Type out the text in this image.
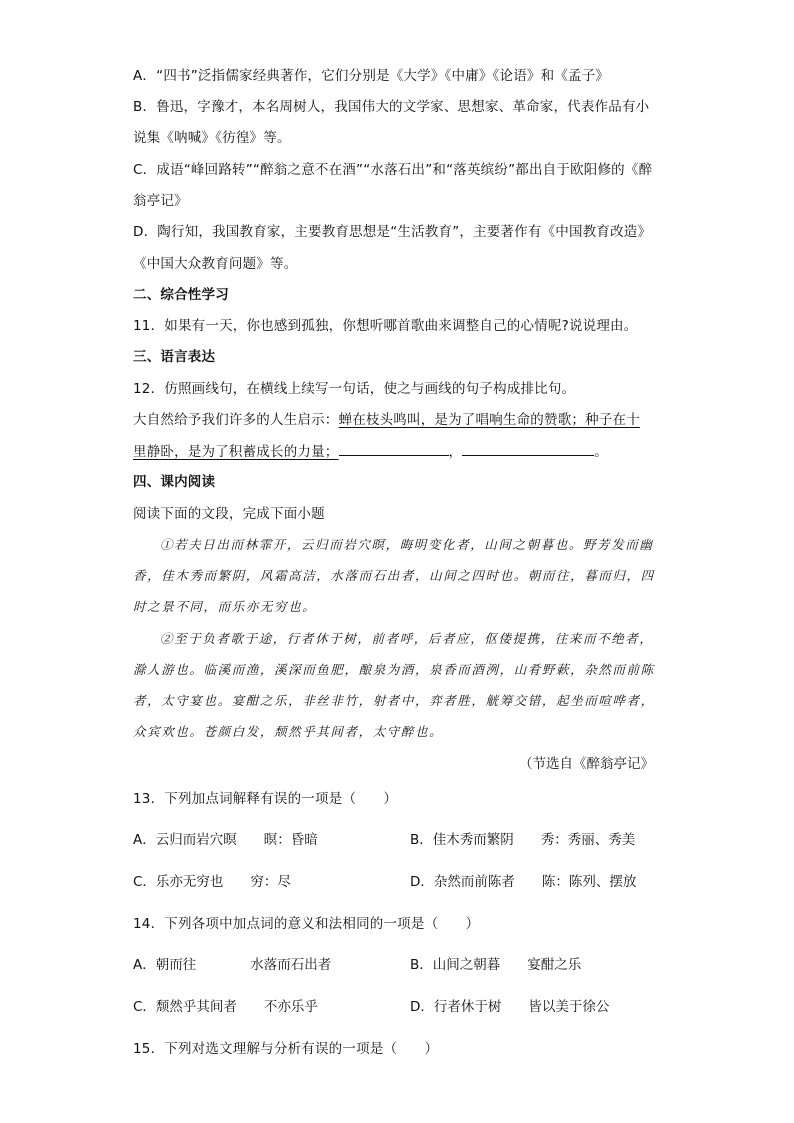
A．“四书”泛指儒家经典著作，它们分别是《大学》《中庸》《论语》和《孟子》
B．鲁迅，字豫才，本名周树人，我国伟大的文学家、思想家、革命家，代表作品有小
说集《呐喊》《彷徨》等。
C．成语“峰回路转”“醉翁之意不在酒”“水落石出”和“落英缤纷”都出自于欧阳修的《醉
翁亭记》
D．陶行知，我国教育家，主要教育思想是“生活教育”，主要著作有《中国教育改造》
《中国大众教育问题》等。
二、综合性学习
11．如果有一天，你也感到孤独，你想听哪首歌曲来调整自己的心情呢?说说理由。
三、语言表达
12．仿照画线句，在横线上续写一句话，使之与画线的句子构成排比句。
大自然给予我们许多的人生启示：蝉在枝头鸣叫，是为了唱响生命的赞歌；种子在十
里静卧，是为了积蓄成长的力量；	，	。
四、课内阅读
阅读下面的文段，完成下面小题
①若夫日出而林霏开，云归而岩穴暝，晦明变化者，山间之朝暮也。野芳发而幽
香，佳木秀而繁阴，风霜高洁，水落而石出者，山间之四时也。朝而往，暮而归，四
时之景不同，而乐亦无穷也。
②至于负者歌于途，行者休于树，前者呼，后者应，伛偻提携，往来而不绝者，
滁人游也。临溪而渔，溪深而鱼肥，酿泉为酒，泉香而酒洌，山肴野蔌，杂然而前陈
者，太守宴也。宴酣之乐，非丝非竹，射者中，弈者胜，觥筹交错，起坐而喧哗者，
众宾欢也。苍颜白发，颓然乎其间者，太守醉也。
（节选自《醉翁亭记》
13．下列加点词解释有误的一项是（　　）
A．云归而岩穴暝　　暝：昏暗	B．佳木秀而繁阴　　秀：秀丽、秀美
C．乐亦无穷也　　穷：尽	D．杂然而前陈者　　陈：陈列、摆放
14．下列各项中加点词的意义和法相同的一项是（　　）
A．朝而往　　　　水落而石出者	B．山间之朝暮　　宴酣之乐
C．颓然乎其间者　　不亦乐乎	D．行者休于树　　皆以美于徐公
15．下列对选文理解与分析有误的一项是（　　）
